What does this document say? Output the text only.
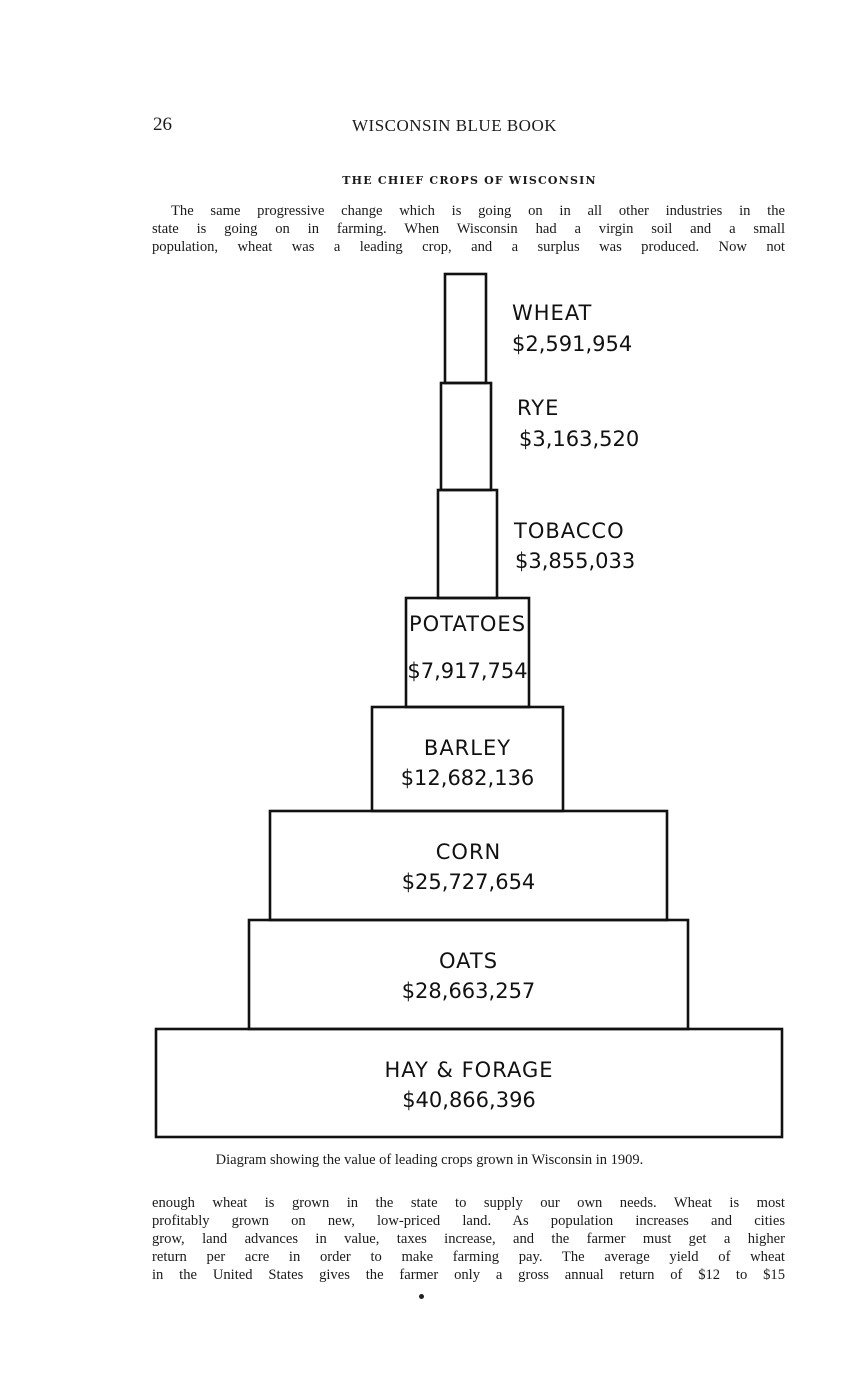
26	WISCONSIN BLUE BOOK
THE CHIEF CROPS OF WISCONSIN
The same progressive change which is going on in all other industries in the
state is going on in farming. When Wisconsin had a virgin soil and a small
population, wheat was a leading crop, and a surplus was produced. Now not
WHEAT
$2,591,954
RYE
$3,163,520
TOBACCO
$3,855,033
POTATOES
$7,917,754
BARLEY
$12,682,136
CORN
$25,727,654
OATS
$28,663,257
HAY & FORAGE
$40,866,396
Diagram showing the value of leading crops grown in Wisconsin in 1909.
enough wheat is grown in the state to supply our own needs. Wheat is most
profitably grown on new, low-priced land. As population increases and cities
grow, land advances in value, taxes increase, and the farmer must get a higher
return per acre in order to make farming pay. The average yield of wheat
in the United States gives the farmer only a gross annual return of $12 to $15
